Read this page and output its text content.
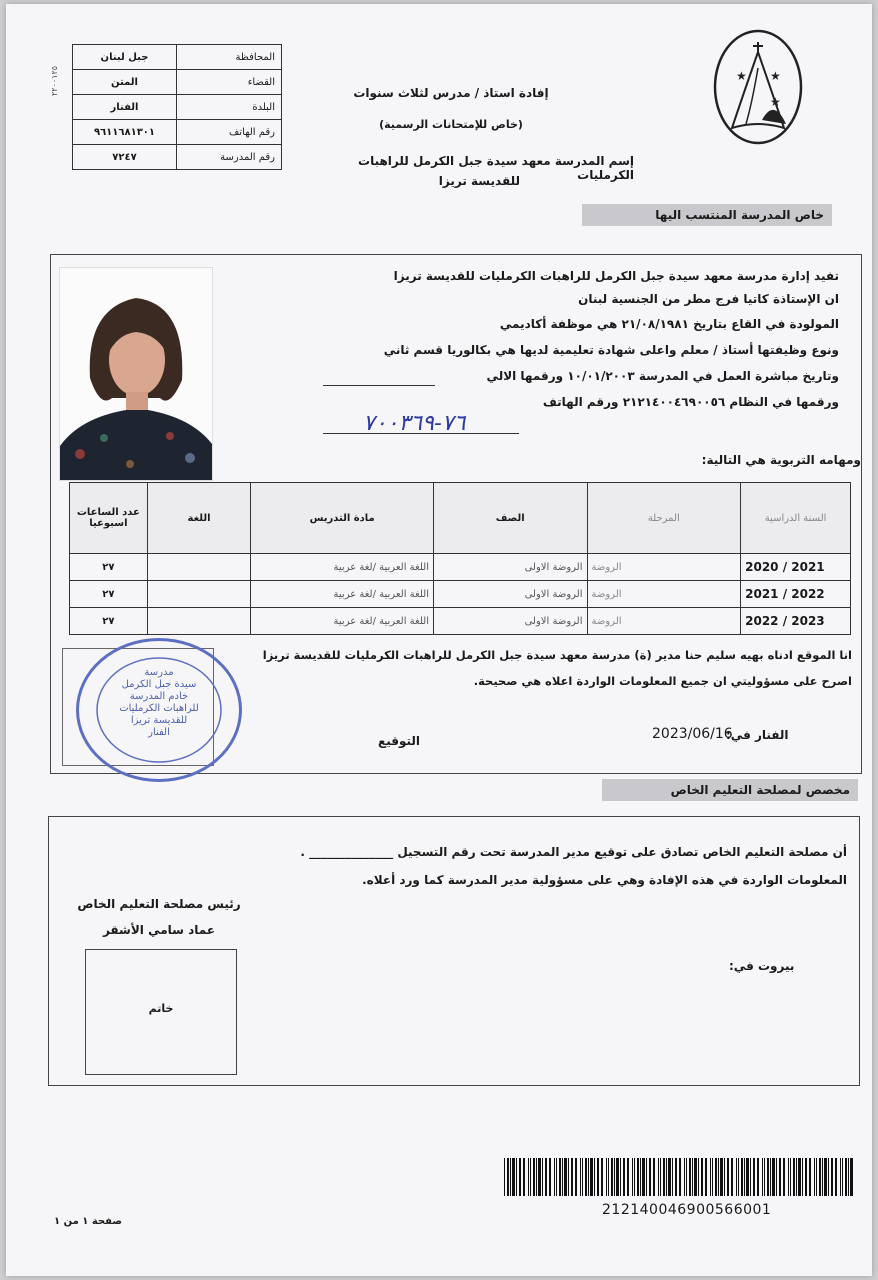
★ ★
★
إفادة استاذ / مدرس لثلاث سنوات
(خاص للإمتحانات الرسمية)
إسم المدرسة معهد سيدة جبل الكرمل للراهبات الكرمليات
للقديسة تريزا
٢٢٠٠١٢٥
المحافظة	جبل لبنان
القضاء	المتن
البلدة	الفنار
رقم الهاتف	٩٦١١٦٨١٣٠١
رقم المدرسة	٧٢٤٧
خاص المدرسة المنتسب اليها
تفيد إدارة مدرسة معهد سيدة جبل الكرمل للراهبات الكرمليات للقديسة تريزا
ان الإستاذة كاتيا فرج مطر من الجنسية لبنان
المولودة في القاع بتاريخ ٢١/٠٨/١٩٨١ هي موظفة أكاديمي
ونوع وظيفتها أستاذ / معلم واعلى شهادة تعليمية لديها هي بكالوريا قسم ثاني
وتاريخ مباشرة العمل في المدرسة ١٠/٠١/٢٠٠٣ ورقمها الالي
ورقمها في النظام ٢١٢١٤٠٠٤٦٩٠٠٥٦ ورقم الهاتف
٧٦-٧٠٠٣٦٩
ومهامه التربوية هي التالية:
السنة الدراسية	المرحلة	الصف	مادة التدريس	اللغة	عدد الساعات اسبوعيا
2020 / 2021	الروضة	الروضة الاولى	اللغة العربية /لغة عربية		٢٧
2021 / 2022	الروضة	الروضة الاولى	اللغة العربية /لغة عربية		٢٧
2022 / 2023	الروضة	الروضة الاولى	اللغة العربية /لغة عربية		٢٧
انا الموقع ادناه بهيه سليم حنا مدير (ة) مدرسة معهد سيدة جبل الكرمل للراهبات الكرمليات للقديسة تريزا
اصرح على مسؤوليتي ان جميع المعلومات الواردة اعلاه هي صحيحة.
الفنار في:
2023/06/16
التوقيع
مدرسة
سيدة جبل الكرمل
خادم المدرسة
للراهبات الكرمليات
للقديسة تريزا
الفنار
مخصص لمصلحة التعليم الخاص
أن مصلحة التعليم الخاص تصادق على توقيع مدير المدرسة تحت رقم التسجيل ______________ .
المعلومات الواردة في هذه الإفادة وهي على مسؤولية مدير المدرسة كما ورد أعلاه.
رئيس مصلحة التعليم الخاص
عماد سامي الأشقر
خاتم
بيروت في:
21214004690056600​1
صفحة ١ من ١
